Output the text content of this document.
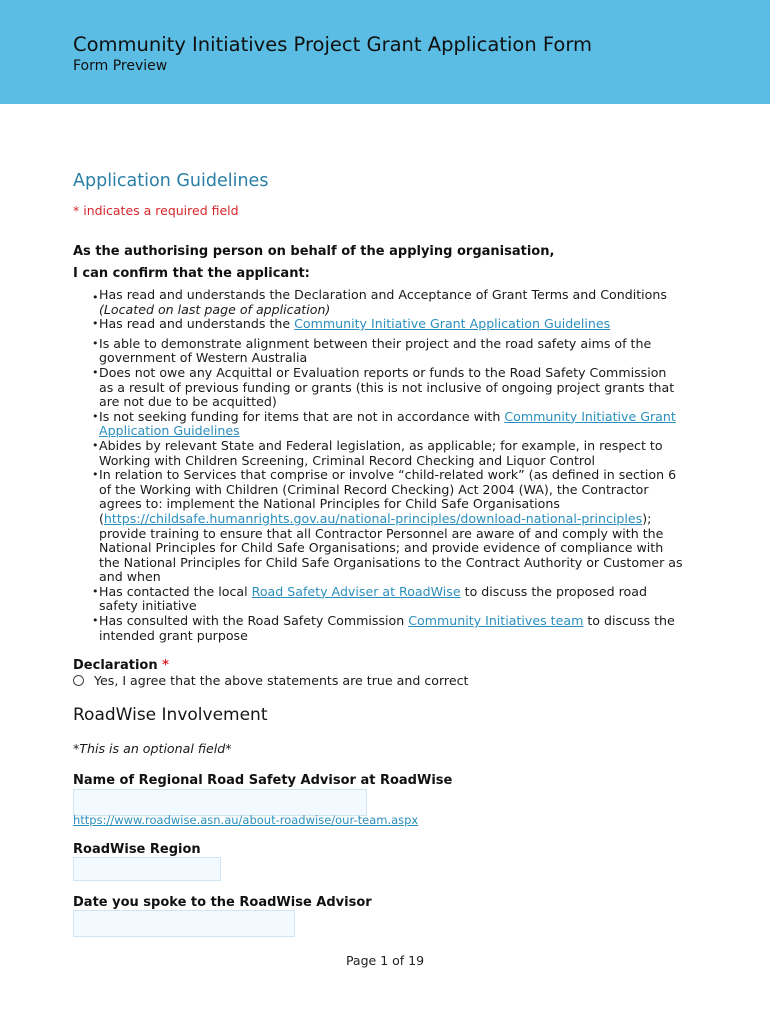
Community Initiatives Project Grant Application Form
Form Preview
Application Guidelines
* indicates a required field
As the authorising person on behalf of the applying organisation,
I can confirm that the applicant:
• Has read and understands the Declaration and Acceptance of Grant Terms and Conditions (Located on last page of application)
• Has read and understands the Community Initiative Grant Application Guidelines
• Is able to demonstrate alignment between their project and the road safety aims of the government of Western Australia
• Does not owe any Acquittal or Evaluation reports or funds to the Road Safety Commission as a result of previous funding or grants (this is not inclusive of ongoing project grants that are not due to be acquitted)
• Is not seeking funding for items that are not in accordance with Community Initiative Grant Application Guidelines
• Abides by relevant State and Federal legislation, as applicable; for example, in respect to Working with Children Screening, Criminal Record Checking and Liquor Control
• In relation to Services that comprise or involve “child-related work” (as defined in section 6 of the Working with Children (Criminal Record Checking) Act 2004 (WA), the Contractor agrees to: implement the National Principles for Child Safe Organisations (https://childsafe.humanrights.gov.au/national-principles/download-national-principles); provide training to ensure that all Contractor Personnel are aware of and comply with the National Principles for Child Safe Organisations; and provide evidence of compliance with the National Principles for Child Safe Organisations to the Contract Authority or Customer as and when
• Has contacted the local Road Safety Adviser at RoadWise to discuss the proposed road safety initiative
• Has consulted with the Road Safety Commission Community Initiatives team to discuss the intended grant purpose
Declaration *
Yes, I agree that the above statements are true and correct
RoadWise Involvement
*This is an optional field*
Name of Regional Road Safety Advisor at RoadWise
https://www.roadwise.asn.au/about-roadwise/our-team.aspx
RoadWise Region
Date you spoke to the RoadWise Advisor
Page 1 of 19
